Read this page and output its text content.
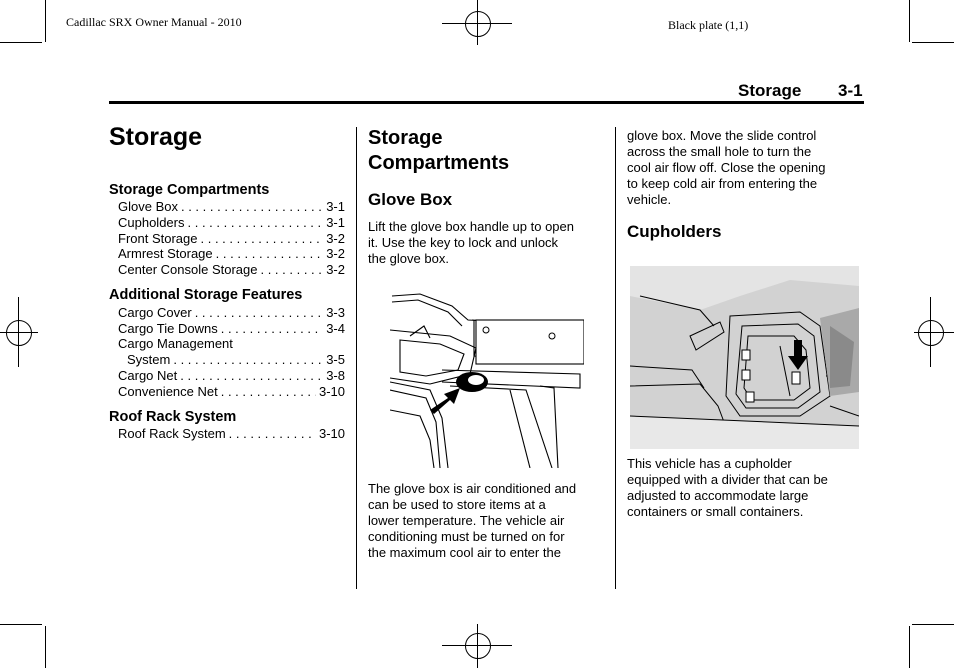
Cadillac SRX Owner Manual - 2010	Black plate (1,1)
Storage 3-1
Storage
Storage Compartments
Glove Box . . .	3-1
Cupholders . . .	3-1
Front Storage . . .	3-2
Armrest Storage . . .	3-2
Center Console Storage . . .	3-2
Additional Storage Features
Cargo Cover . . .	3-3
Cargo Tie Downs . . .	3-4
Cargo Management
System . . .	3-5
Cargo Net . . .	3-8
Convenience Net . . .	3-10
Roof Rack System
Roof Rack System . . .	3-10
Storage
Compartments
Glove Box

Lift the glove box handle up to open
it. Use the key to lock and unlock
the glove box.

The glove box is air conditioned and
can be used to store items at a
lower temperature. The vehicle air
conditioning must be turned on for
the maximum cool air to enter the

glove box. Move the slide control
across the small hole to turn the
cool air flow off. Close the opening
to keep cold air from entering the
vehicle.

Cupholders

This vehicle has a cupholder
equipped with a divider that can be
adjusted to accommodate large
containers or small containers.
